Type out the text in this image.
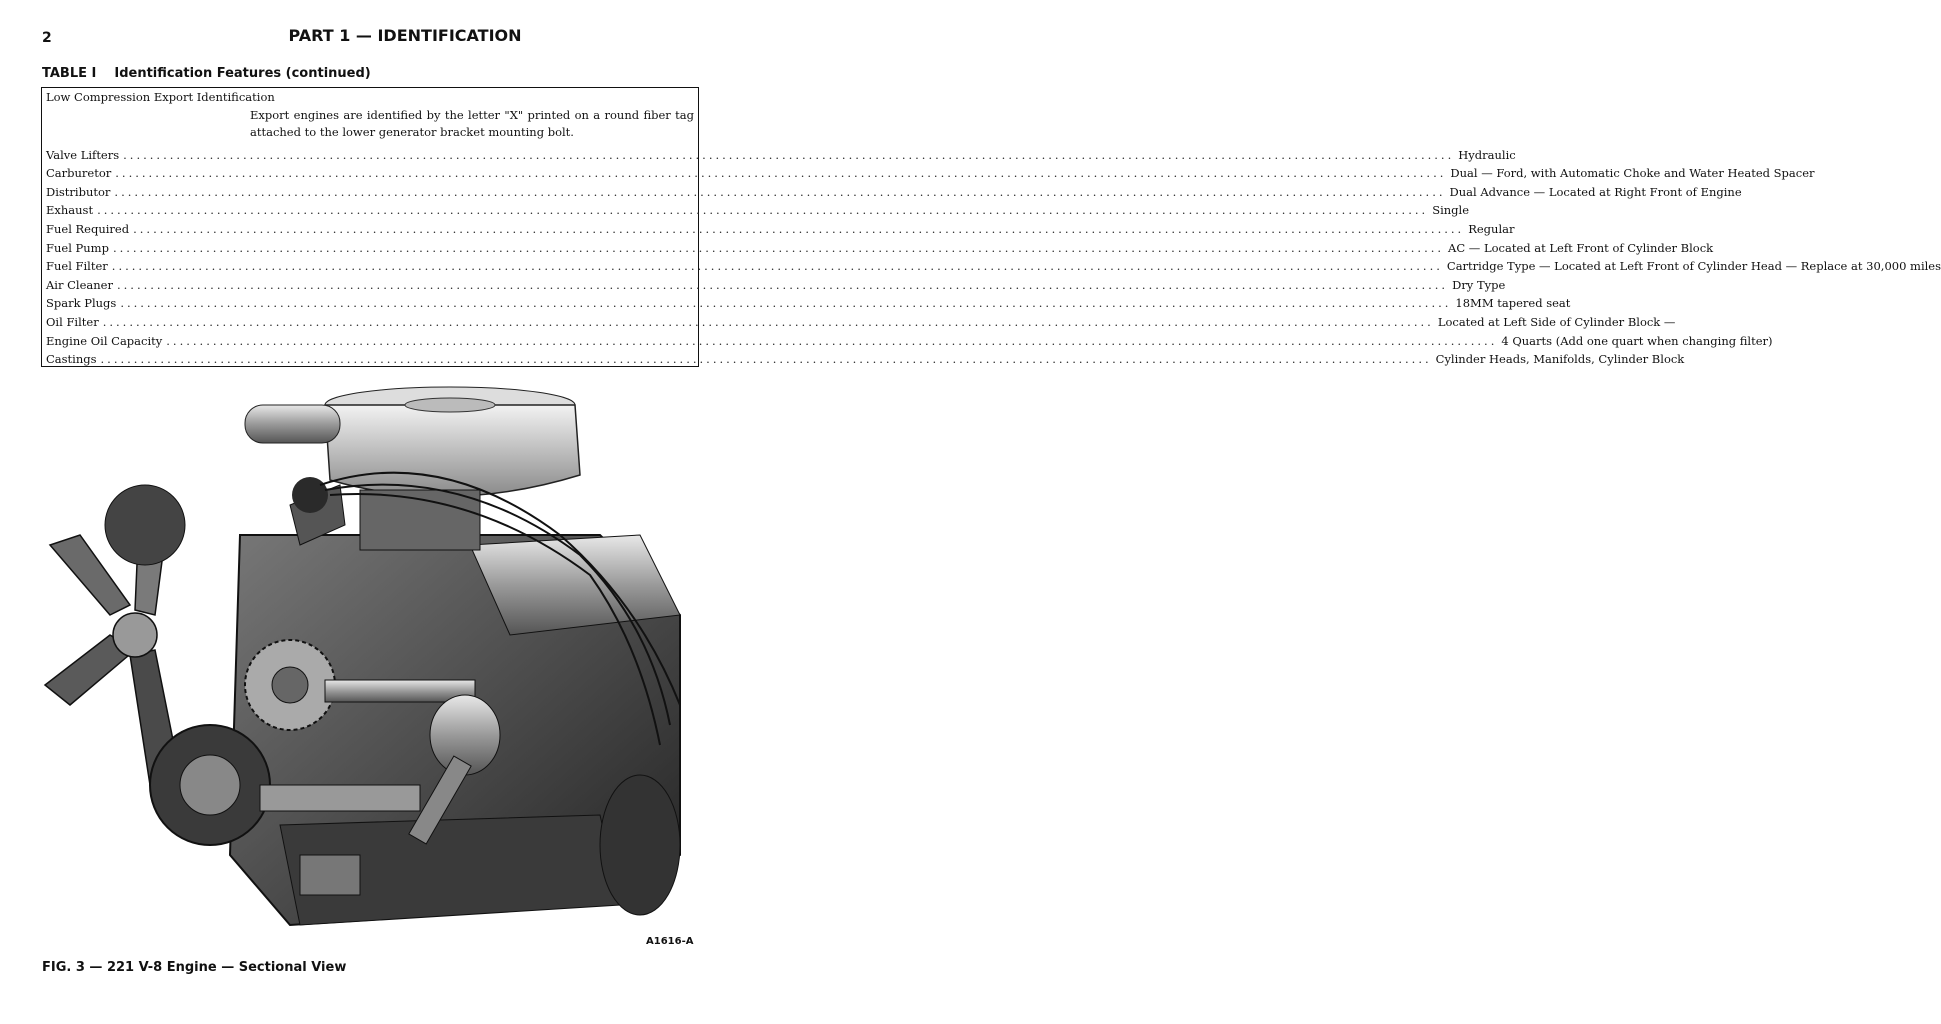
2	PART 1 — IDENTIFICATION
TABLE I Identification Features (continued)
Low Compression Export Identification
Export engines are identified by the letter "X" printed on a round fiber tag attached to the lower generator bracket mounting bolt.
Valve Lifters ........................................................................................................................................................................................................ Hydraulic
Carburetor ........................................................................................................................................................................................................ Dual — Ford, with Automatic Choke and Water Heated Spacer
Distributor ........................................................................................................................................................................................................ Dual Advance — Located at Right Front of Engine
Exhaust ........................................................................................................................................................................................................ Single
Fuel Required ........................................................................................................................................................................................................ Regular
Fuel Pump ........................................................................................................................................................................................................ AC — Located at Left Front of Cylinder Block
Fuel Filter ........................................................................................................................................................................................................ Cartridge Type — Located at Left Front of Cylinder Head — Replace at 30,000 miles
Air Cleaner ........................................................................................................................................................................................................ Dry Type
Spark Plugs ........................................................................................................................................................................................................ 18MM tapered seat
Oil Filter ........................................................................................................................................................................................................ Located at Left Side of Cylinder Block —
Engine Oil Capacity ........................................................................................................................................................................................................ 4 Quarts (Add one quart when changing filter)
Castings ........................................................................................................................................................................................................ Cylinder Heads, Manifolds, Cylinder Block
A1616-A
FIG. 3 — 221 V-8 Engine — Sectional View
